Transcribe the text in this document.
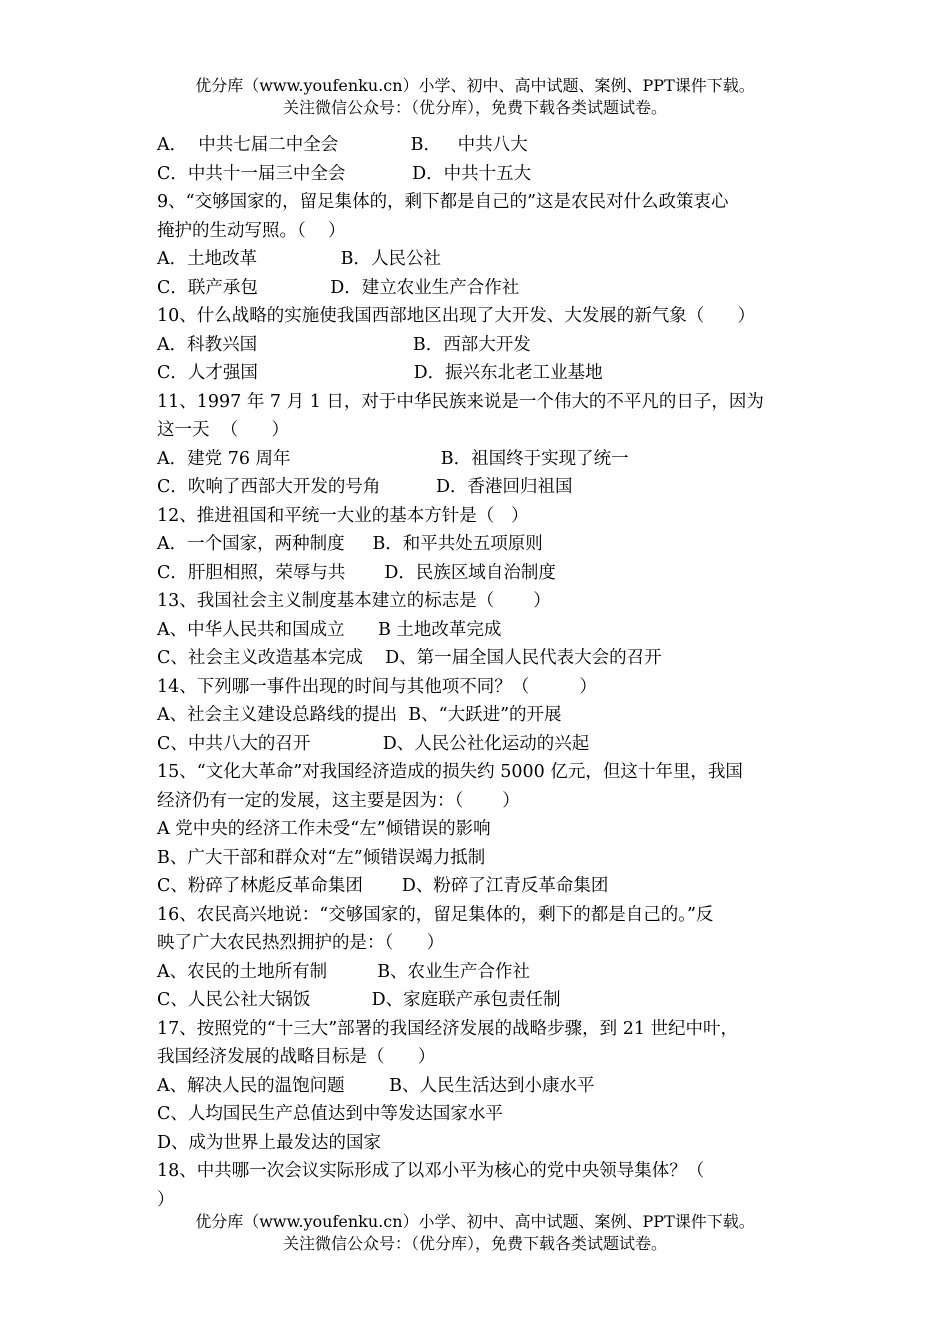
优分库（www.youfenku.cn）小学、初中、高中试题、案例、PPT课件下载。
关注微信公众号：（优分库），免费下载各类试题试卷。
A．  中共七届二中全会             B．   中共八大
C．中共十一届三中全会            D．中共十五大
9、“交够国家的，留足集体的，剩下都是自己的”这是农民对什么政策衷心
掩护的生动写照。（    ）
A．土地改革               B．人民公社
C．联产承包             D．建立农业生产合作社
10、什么战略的实施使我国西部地区出现了大开发、大发展的新气象（      ）
A．科教兴国                            B．西部大开发
C．人才强国                            D．振兴东北老工业基地
11、1997 年 7 月 1 日，对于中华民族来说是一个伟大的不平凡的日子，因为
这一天  （      ）
A．建党 76 周年                           B．祖国终于实现了统一
C．吹响了西部大开发的号角          D．香港回归祖国
12、推进祖国和平统一大业的基本方针是（   ）
A．一个国家，两种制度     B．和平共处五项原则
C．肝胆相照，荣辱与共       D．民族区域自治制度
13、我国社会主义制度基本建立的标志是（       ）
A、中华人民共和国成立      B 土地改革完成
C、社会主义改造基本完成    D、第一届全国人民代表大会的召开
14、下列哪一事件出现的时间与其他项不同？（         ）
A、社会主义建设总路线的提出  B、“大跃进”的开展
C、中共八大的召开             D、人民公社化运动的兴起
15、“文化大革命”对我国经济造成的损失约 5000 亿元，但这十年里，我国
经济仍有一定的发展，这主要是因为：（       ）
A 党中央的经济工作未受“左”倾错误的影响
B、广大干部和群众对“左”倾错误竭力抵制
C、粉碎了林彪反革命集团       D、粉碎了江青反革命集团
16、农民高兴地说：“交够国家的，留足集体的，剩下的都是自己的。”反
映了广大农民热烈拥护的是：（      ）
A、农民的土地所有制         B、农业生产合作社
C、人民公社大锅饭           D、家庭联产承包责任制
17、按照党的“十三大”部署的我国经济发展的战略步骤，到 21 世纪中叶，
我国经济发展的战略目标是（      ）
A、解决人民的温饱问题        B、人民生活达到小康水平
C、人均国民生产总值达到中等发达国家水平
D、成为世界上最发达的国家
18、中共哪一次会议实际形成了以邓小平为核心的党中央领导集体？（
）
优分库（www.youfenku.cn）小学、初中、高中试题、案例、PPT课件下载。
关注微信公众号：（优分库），免费下载各类试题试卷。
